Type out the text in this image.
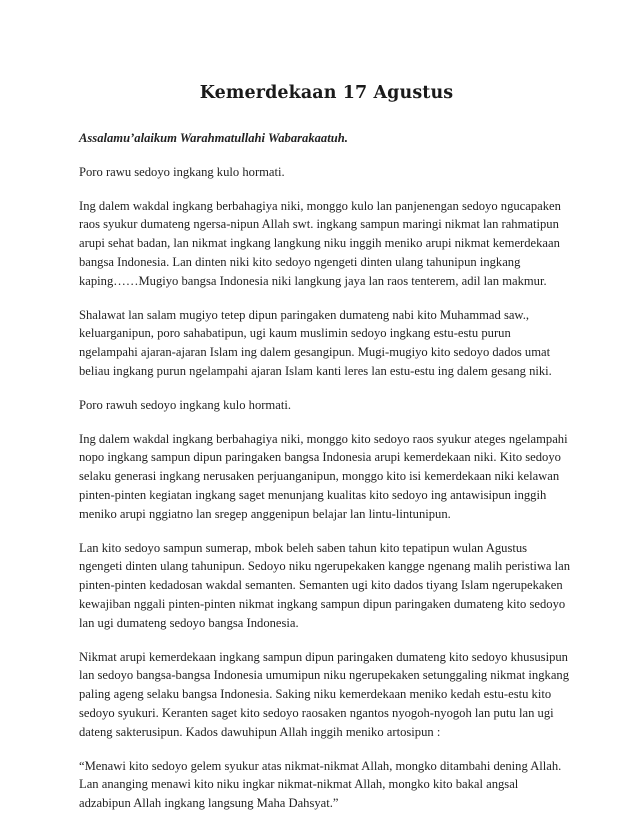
Kemerdekaan 17 Agustus

Assalamu’alaikum Warahmatullahi Wabarakaatuh.

Poro rawu sedoyo ingkang kulo hormati.

Ing dalem wakdal ingkang berbahagiya niki, monggo kulo lan panjenengan sedoyo ngucapaken
raos syukur dumateng ngersa-nipun Allah swt. ingkang sampun maringi nikmat lan rahmatipun
arupi sehat badan, lan nikmat ingkang langkung niku inggih meniko arupi nikmat kemerdekaan
bangsa Indonesia. Lan dinten niki kito sedoyo ngengeti dinten ulang tahunipun ingkang
kaping……Mugiyo bangsa Indonesia niki langkung jaya lan raos tenterem, adil lan makmur.

Shalawat lan salam mugiyo tetep dipun paringaken dumateng nabi kito Muhammad saw.,
keluarganipun, poro sahabatipun, ugi kaum muslimin sedoyo ingkang estu-estu purun
ngelampahi ajaran-ajaran Islam ing dalem gesangipun. Mugi-mugiyo kito sedoyo dados umat
beliau ingkang purun ngelampahi ajaran Islam kanti leres lan estu-estu ing dalem gesang niki.

Poro rawuh sedoyo ingkang kulo hormati.

Ing dalem wakdal ingkang berbahagiya niki, monggo kito sedoyo raos syukur ateges ngelampahi
nopo ingkang sampun dipun paringaken bangsa Indonesia arupi kemerdekaan niki. Kito sedoyo
selaku generasi ingkang nerusaken perjuanganipun, monggo kito isi kemerdekaan niki kelawan
pinten-pinten kegiatan ingkang saget menunjang kualitas kito sedoyo ing antawisipun inggih
meniko arupi nggiatno lan sregep anggenipun belajar lan lintu-lintunipun.

Lan kito sedoyo sampun sumerap, mbok beleh saben tahun kito tepatipun wulan Agustus
ngengeti dinten ulang tahunipun. Sedoyo niku ngerupekaken kangge ngenang malih peristiwa lan
pinten-pinten kedadosan wakdal semanten. Semanten ugi kito dados tiyang Islam ngerupekaken
kewajiban nggali pinten-pinten nikmat ingkang sampun dipun paringaken dumateng kito sedoyo
lan ugi dumateng sedoyo bangsa Indonesia.

Nikmat arupi kemerdekaan ingkang sampun dipun paringaken dumateng kito sedoyo khususipun
lan sedoyo bangsa-bangsa Indonesia umumipun niku ngerupekaken setunggaling nikmat ingkang
paling ageng selaku bangsa Indonesia. Saking niku kemerdekaan meniko kedah estu-estu kito
sedoyo syukuri. Keranten saget kito sedoyo raosaken ngantos nyogoh-nyogoh lan putu lan ugi
dateng sakterusipun. Kados dawuhipun Allah inggih meniko artosipun :

“Menawi kito sedoyo gelem syukur atas nikmat-nikmat Allah, mongko ditambahi dening Allah.
Lan ananging menawi kito niku ingkar nikmat-nikmat Allah, mongko kito bakal angsal
adzabipun Allah ingkang langsung Maha Dahsyat.”
